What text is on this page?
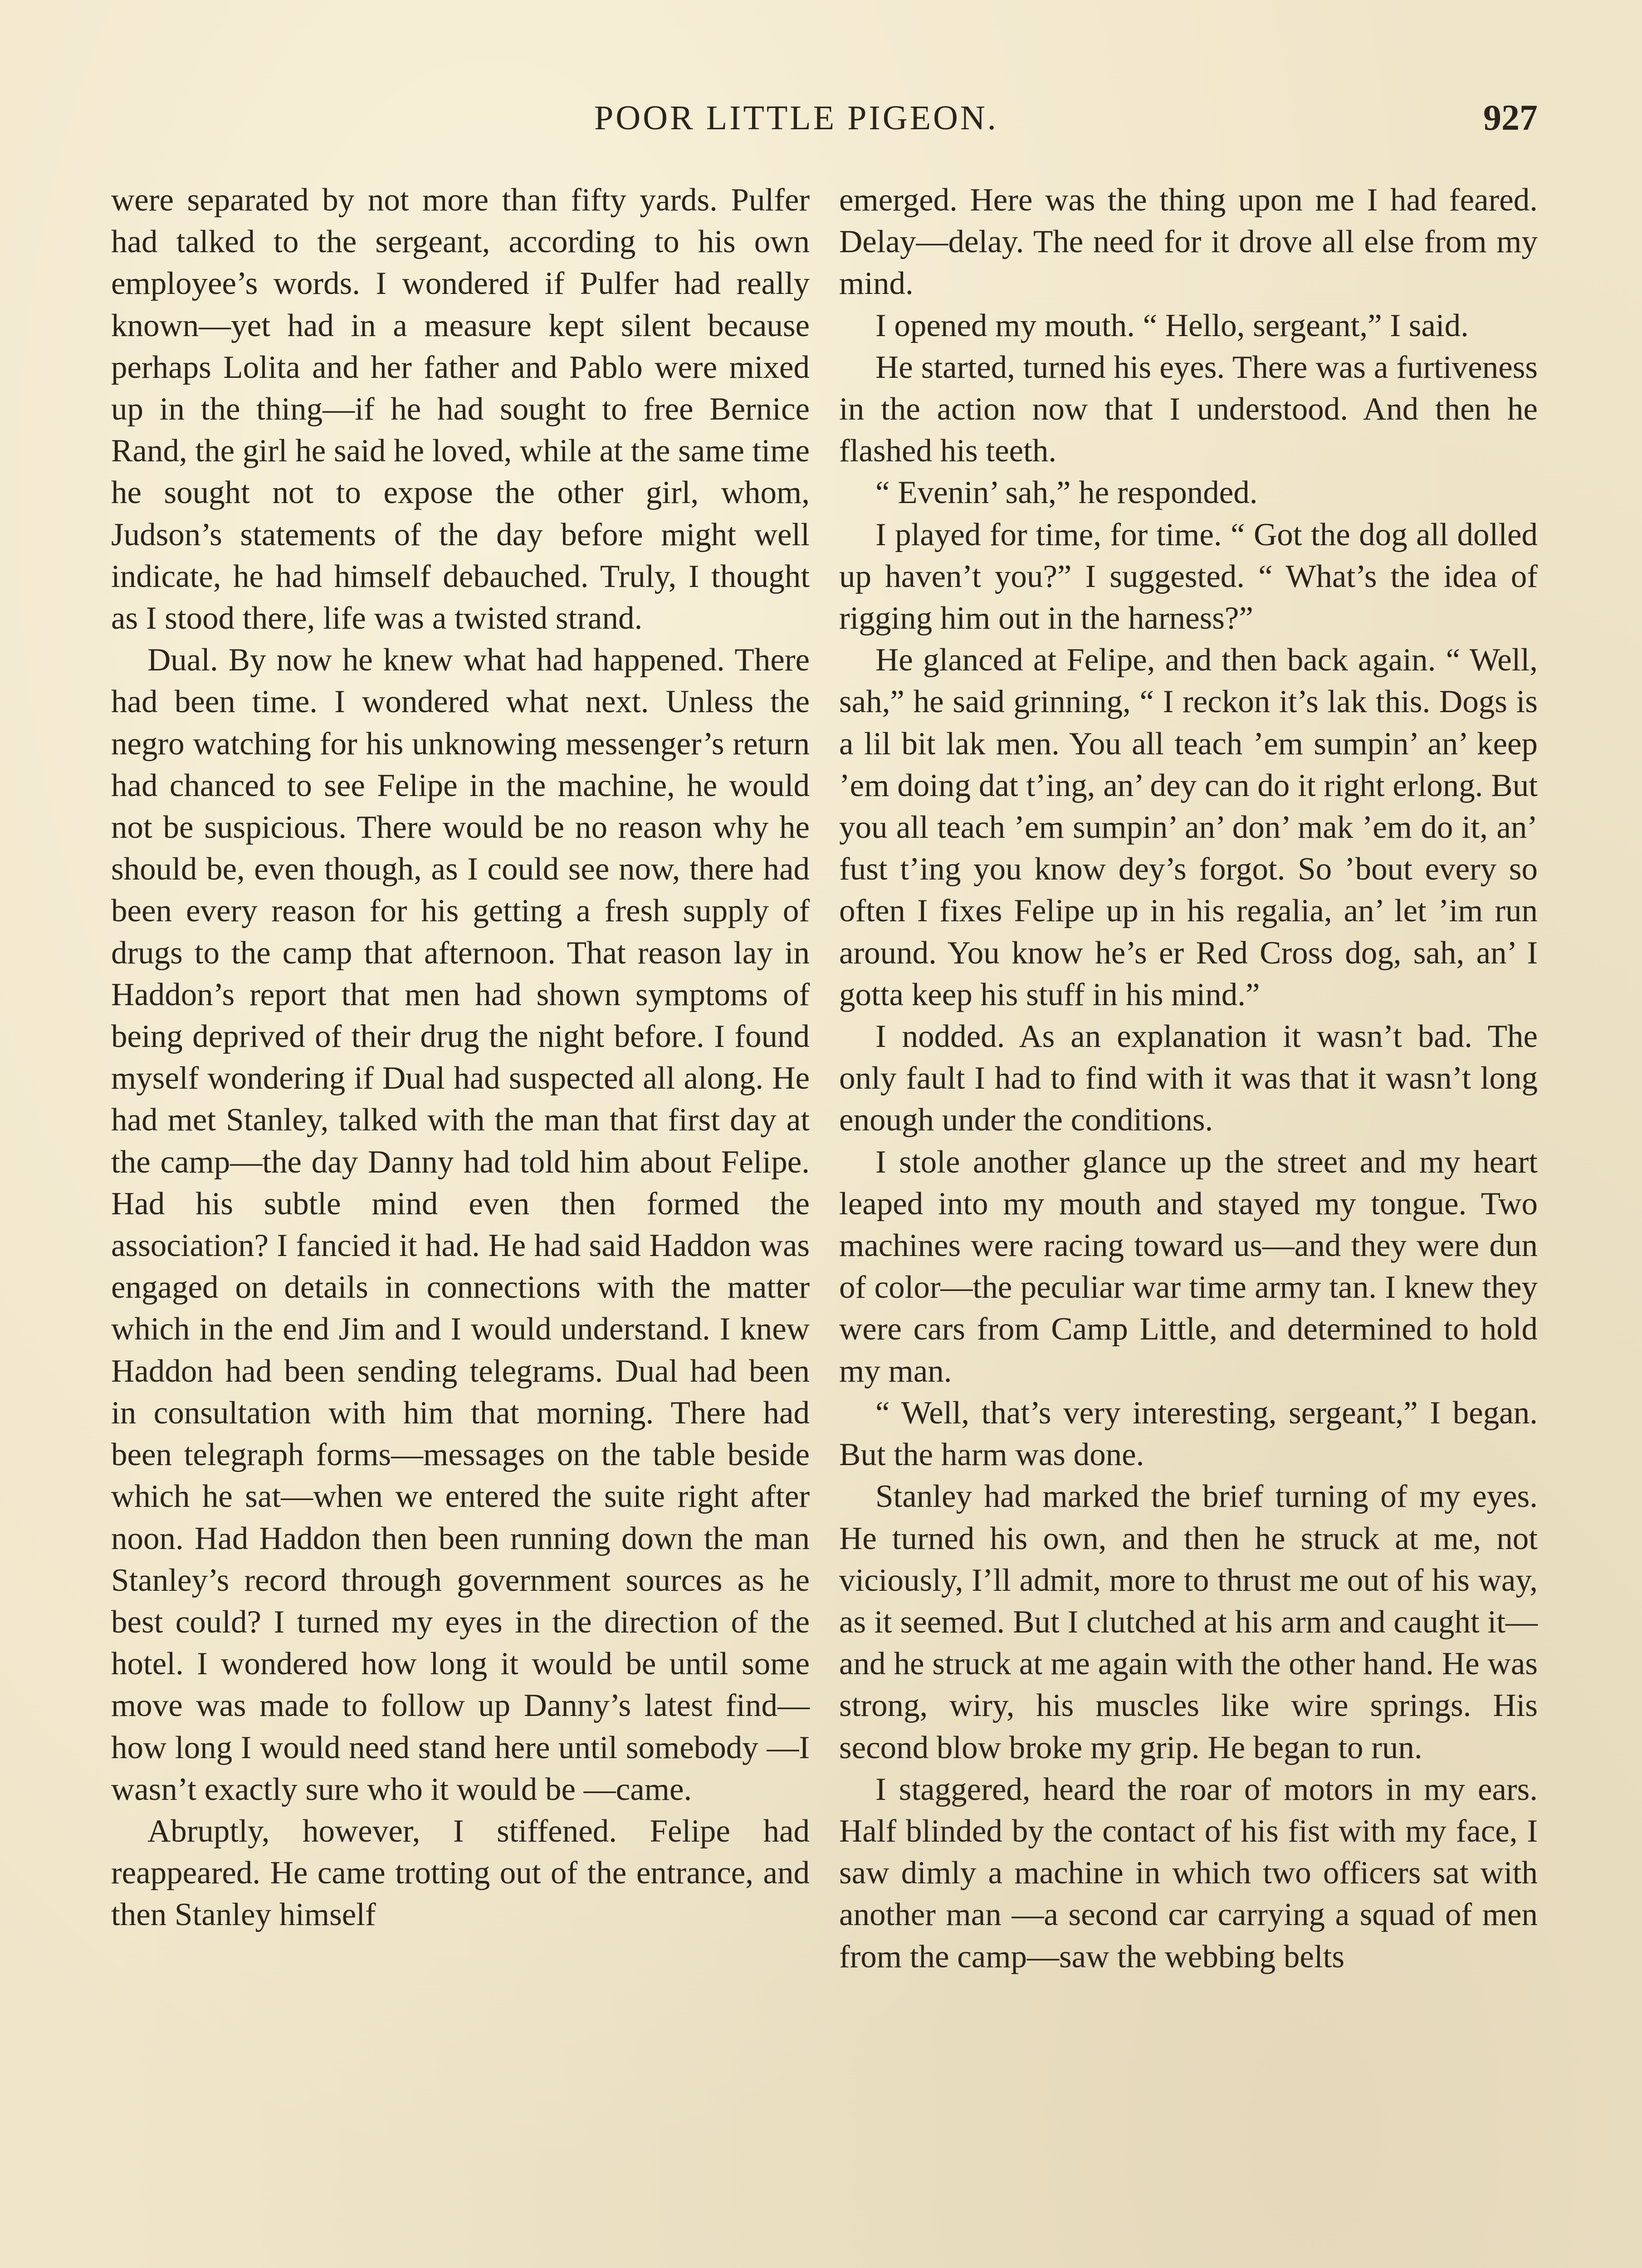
POOR LITTLE PIGEON.	927

were separated by not more than fifty yards. Pulfer had talked to the sergeant, according to his own employee’s words. I wondered if Pulfer had really known—yet had in a measure kept silent because perhaps Lolita and her father and Pablo were mixed up in the thing—if he had sought to free Bernice Rand, the girl he said he loved, while at the same time he sought not to expose the other girl, whom, Judson’s statements of the day before might well indicate, he had himself debauched. Truly, I thought as I stood there, life was a twisted strand.

Dual. By now he knew what had happened. There had been time. I wondered what next. Unless the negro watching for his unknowing messenger’s return had chanced to see Felipe in the machine, he would not be suspicious. There would be no reason why he should be, even though, as I could see now, there had been every reason for his getting a fresh supply of drugs to the camp that afternoon. That reason lay in Haddon’s report that men had shown symptoms of being deprived of their drug the night before. I found myself wondering if Dual had suspected all along. He had met Stanley, talked with the man that first day at the camp—the day Danny had told him about Felipe. Had his subtle mind even then formed the association? I fancied it had. He had said Haddon was engaged on details in connections with the matter which in the end Jim and I would understand. I knew Haddon had been sending telegrams. Dual had been in consultation with him that morning. There had been telegraph forms—messages on the table beside which he sat—when we entered the suite right after noon. Had Haddon then been running down the man Stanley’s record through government sources as he best could? I turned my eyes in the direction of the hotel. I wondered how long it would be until some move was made to follow up Danny’s latest find—how long I would need stand here until somebody —I wasn’t exactly sure who it would be —came.

Abruptly, however, I stiffened. Felipe had reappeared. He came trotting out of the entrance, and then Stanley himself

emerged. Here was the thing upon me I had feared. Delay—delay. The need for it drove all else from my mind.

I opened my mouth. “ Hello, sergeant,” I said.

He started, turned his eyes. There was a furtiveness in the action now that I understood. And then he flashed his teeth.

“ Evenin’ sah,” he responded.

I played for time, for time. “ Got the dog all dolled up haven’t you?” I suggested. “ What’s the idea of rigging him out in the harness?”

He glanced at Felipe, and then back again. “ Well, sah,” he said grinning, “ I reckon it’s lak this. Dogs is a lil bit lak men. You all teach ’em sumpin’ an’ keep ’em doing dat t’ing, an’ dey can do it right erlong. But you all teach ’em sumpin’ an’ don’ mak ’em do it, an’ fust t’ing you know dey’s forgot. So ’bout every so often I fixes Felipe up in his regalia, an’ let ’im run around. You know he’s er Red Cross dog, sah, an’ I gotta keep his stuff in his mind.”

I nodded. As an explanation it wasn’t bad. The only fault I had to find with it was that it wasn’t long enough under the conditions.

I stole another glance up the street and my heart leaped into my mouth and stayed my tongue. Two machines were racing toward us—and they were dun of color—the peculiar war time army tan. I knew they were cars from Camp Little, and determined to hold my man.

“ Well, that’s very interesting, sergeant,” I began. But the harm was done.

Stanley had marked the brief turning of my eyes. He turned his own, and then he struck at me, not viciously, I’ll admit, more to thrust me out of his way, as it seemed. But I clutched at his arm and caught it—and he struck at me again with the other hand. He was strong, wiry, his muscles like wire springs. His second blow broke my grip. He began to run.

I staggered, heard the roar of motors in my ears. Half blinded by the contact of his fist with my face, I saw dimly a machine in which two officers sat with another man —a second car carrying a squad of men from the camp—saw the webbing belts
